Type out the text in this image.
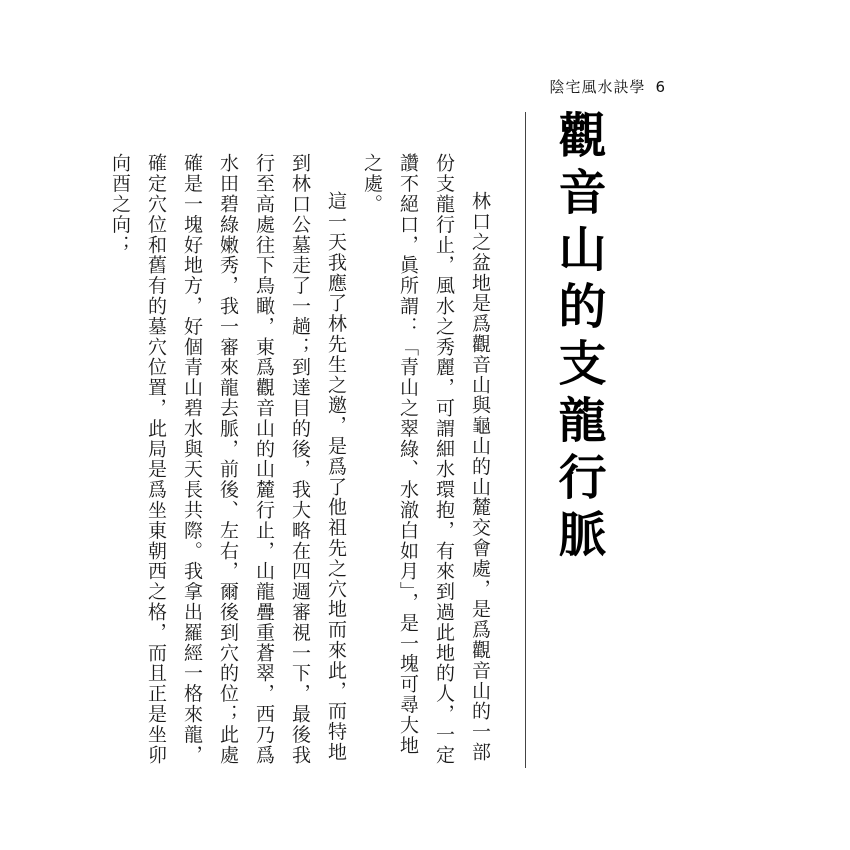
陰宅風水訣學 6
觀音山的支龍行脈

林口之盆地是爲觀音山與龜山的山麓交會處，是爲觀音山的一部份支龍行止，風水之秀麗，可謂細水環抱，有來到過此地的人，一定讚不絕口，眞所謂：「青山之翠綠、水澈白如月」，是一塊可尋大地之處。

這一天我應了林先生之邀，是爲了他祖先之穴地而來此，而特地到林口公墓走了一趟；到達目的後，我大略在四週審視一下，最後我行至高處往下鳥瞰，東爲觀音山的山麓行止，山龍疊重蒼翠，西乃爲水田碧綠嫩秀，我一審來龍去脈，前後、左右，爾後到穴的位；此處確是一塊好地方，好個青山碧水與天長共際。我拿出羅經一格來龍，確定穴位和舊有的墓穴位置，此局是爲坐東朝西之格，而且正是坐卯向酉之向；
